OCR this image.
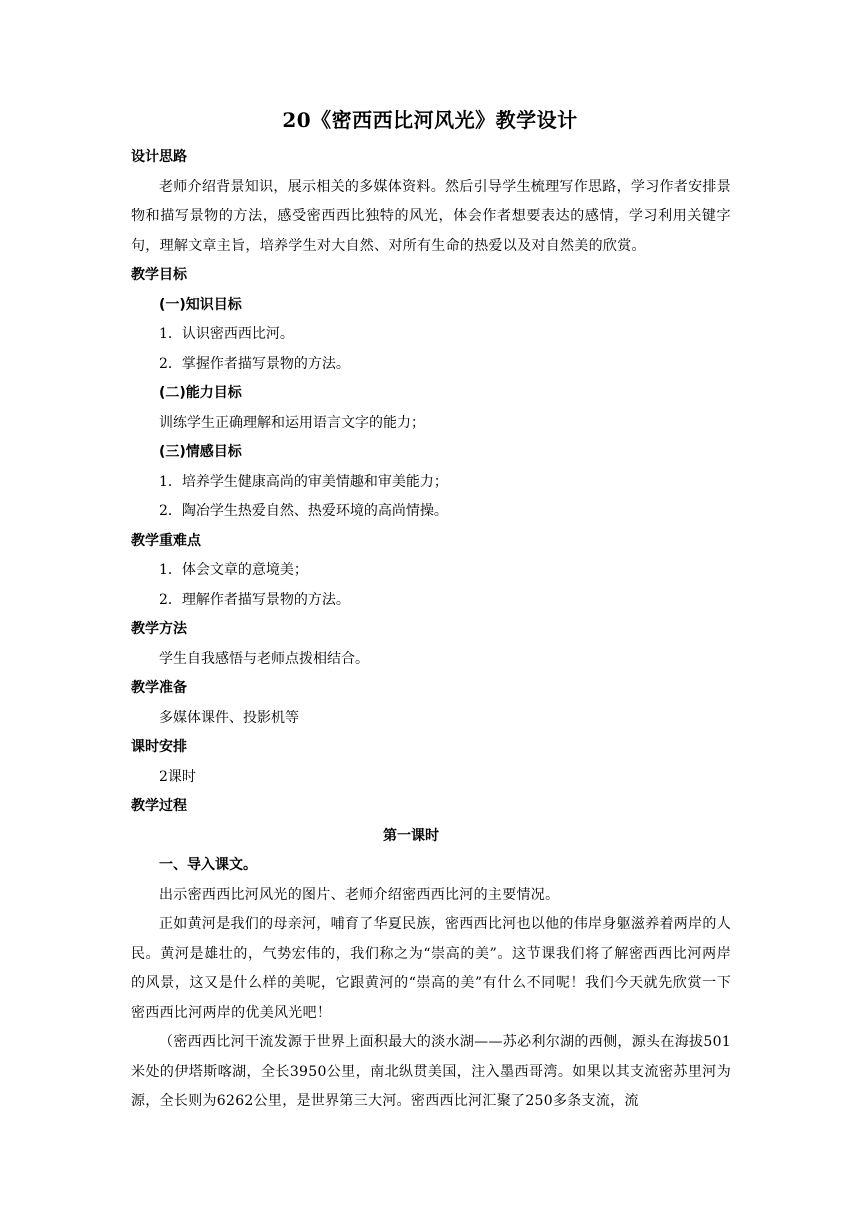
20《密西西比河风光》教学设计

设计思路

老师介绍背景知识，展示相关的多媒体资料。然后引导学生梳理写作思路，学习作者安排景物和描写景物的方法，感受密西西比独特的风光，体会作者想要表达的感情，学习利用关键字句，理解文章主旨，培养学生对大自然、对所有生命的热爱以及对自然美的欣赏。

教学目标

(一)知识目标

1．认识密西西比河。

2．掌握作者描写景物的方法。

(二)能力目标

训练学生正确理解和运用语言文字的能力；

(三)情感目标

1．培养学生健康高尚的审美情趣和审美能力；

2．陶冶学生热爱自然、热爱环境的高尚情操。

教学重难点

1．体会文章的意境美；

2．理解作者描写景物的方法。

教学方法

学生自我感悟与老师点拨相结合。

教学准备

多媒体课件、投影机等

课时安排

2课时

教学过程

第一课时

一、导入课文。

出示密西西比河风光的图片、老师介绍密西西比河的主要情况。

正如黄河是我们的母亲河，哺育了华夏民族，密西西比河也以他的伟岸身躯滋养着两岸的人民。黄河是雄壮的，气势宏伟的，我们称之为“崇高的美”。这节课我们将了解密西西比河两岸的风景，这又是什么样的美呢，它跟黄河的“崇高的美”有什么不同呢！我们今天就先欣赏一下密西西比河两岸的优美风光吧！

（密西西比河干流发源于世界上面积最大的淡水湖——苏必利尔湖的西侧，源头在海拔501米处的伊塔斯喀湖，全长3950公里，南北纵贯美国，注入墨西哥湾。如果以其支流密苏里河为源，全长则为6262公里，是世界第三大河。密西西比河汇聚了250多条支流，流
